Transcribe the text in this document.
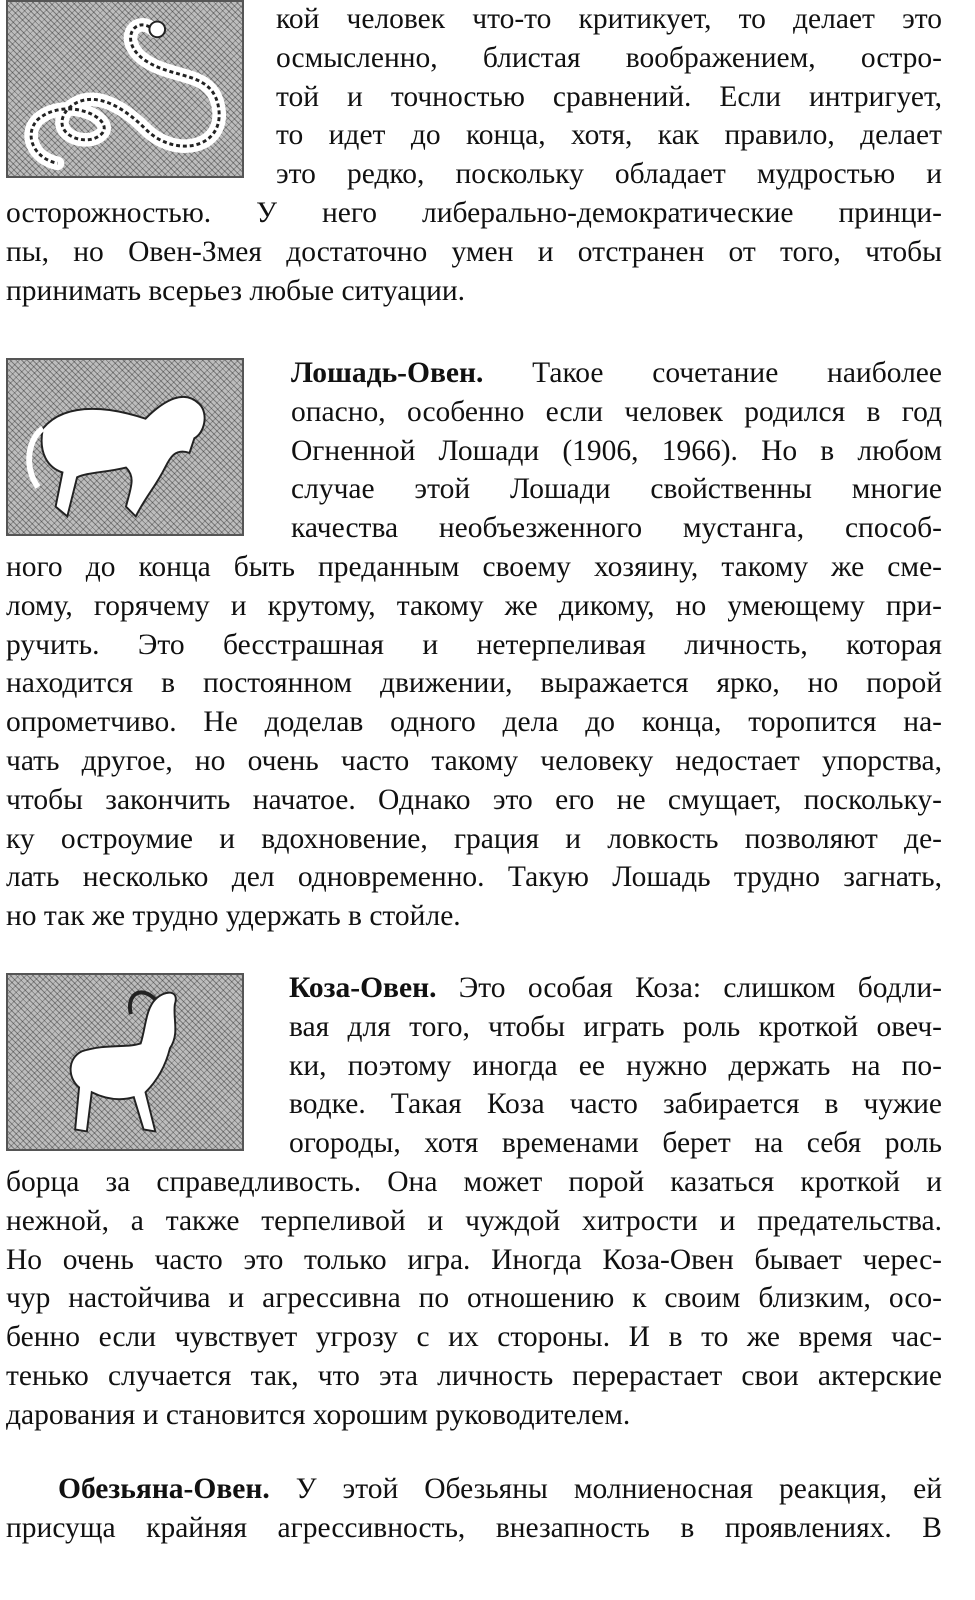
кой человек что-то критикует, то делает это
осмысленно, блистая воображением, остро-
той и точностью сравнений. Если интригует,
то идет до конца, хотя, как правило, делает
это редко, поскольку обладает мудростью и
осторожностью. У него либерально-демократические принци-
пы, но Овен-Змея достаточно умен и отстранен от того, чтобы
принимать всерьез любые ситуации.
Лошадь-Овен. Такое сочетание наиболее
опасно, особенно если человек родился в год
Огненной Лошади (1906, 1966). Но в любом
случае этой Лошади свойственны многие
качества необъезженного мустанга, способ-
ного до конца быть преданным своему хозяину, такому же сме-
лому, горячему и крутому, такому же дикому, но умеющему при-
ручить. Это бесстрашная и нетерпеливая личность, которая
находится в постоянном движении, выражается ярко, но порой
опрометчиво. Не доделав одного дела до конца, торопится на-
чать другое, но очень часто такому человеку недостает упорства,
чтобы закончить начатое. Однако это его не смущает, поскольку-
ку остроумие и вдохновение, грация и ловкость позволяют де-
лать несколько дел одновременно. Такую Лошадь трудно загнать,
но так же трудно удержать в стойле.
Коза-Овен. Это особая Коза: слишком бодли-
вая для того, чтобы играть роль кроткой овеч-
ки, поэтому иногда ее нужно держать на по-
водке. Такая Коза часто забирается в чужие
огороды, хотя временами берет на себя роль
борца за справедливость. Она может порой казаться кроткой и
нежной, а также терпеливой и чуждой хитрости и предательства.
Но очень часто это только игра. Иногда Коза-Овен бывает черес-
чур настойчива и агрессивна по отношению к своим близким, осо-
бенно если чувствует угрозу с их стороны. И в то же время час-
тенько случается так, что эта личность перерастает свои актерские
дарования и становится хорошим руководителем.
Обезьяна-Овен. У этой Обезьяны молниеносная реакция, ей
присуща крайняя агрессивность, внезапность в проявлениях. В
